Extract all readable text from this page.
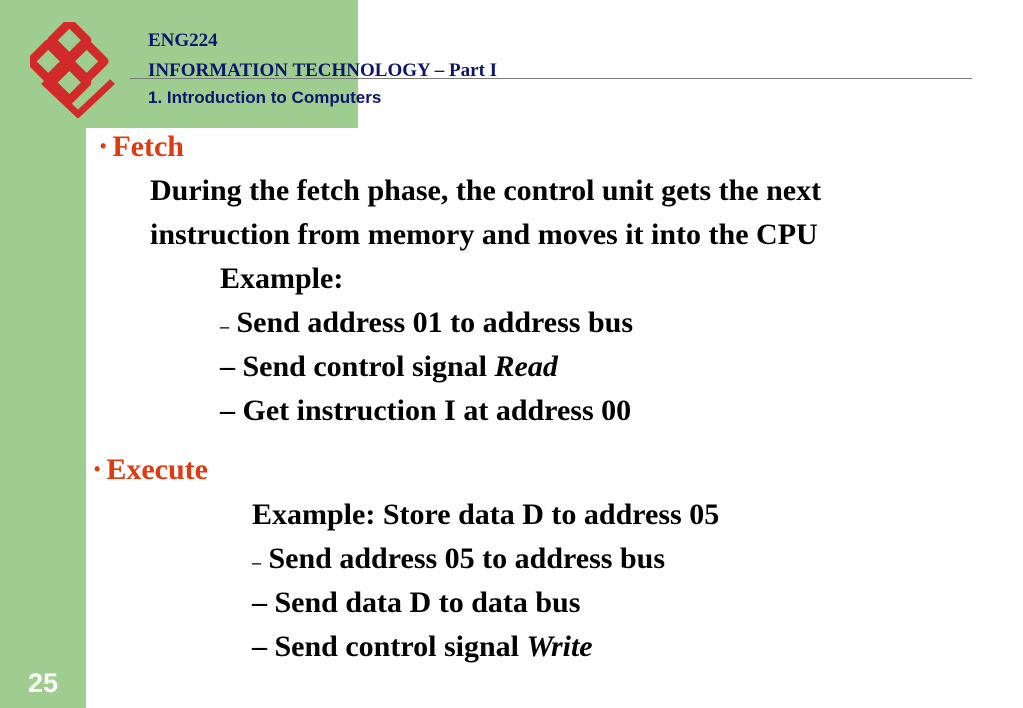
ENG224
INFORMATION TECHNOLOGY – Part I
1. Introduction to Computers
• Fetch
During the fetch phase, the control unit gets the next
instruction from memory and moves it into the CPU
Example:
– Send address 01 to address bus
– Send control signal Read
– Get instruction I at address 00
• Execute
Example: Store data D to address 05
– Send address 05 to address bus
– Send data D to data bus
– Send control signal Write
25
